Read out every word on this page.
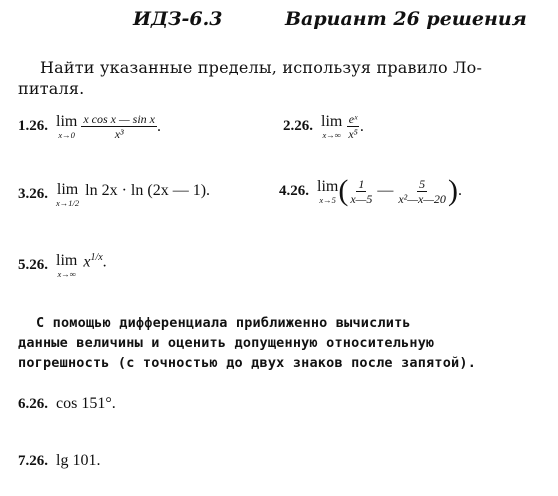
ИДЗ-6.3	Вариант 26 решения
Найти указанные пределы, используя правило Ло-
питаля.
1.26. lim
$x\to 0 \frac{\text{x cos x — sin x}}{\text{x³}}$ .	2.26. lim
$x\to\infty \frac{\text{eˣ}}{\text{x⁵}}$ .
3.26. lim
x→1/2
ln 2x · ln (2x — 1).	4.26. lim
x→5 ( $\frac{1}{x—5}$ — $\frac{5}{\text{x²—x—20}}$ ) .
5.26. lim
x→∞
$x^{1/x}$.
С помощью дифференциала приближенно вычислить
данные величины и оценить допущенную относительную
погрешность (с точностью до двух знаков после запятой).
6.26. cos 151°.
7.26. lg 101.
